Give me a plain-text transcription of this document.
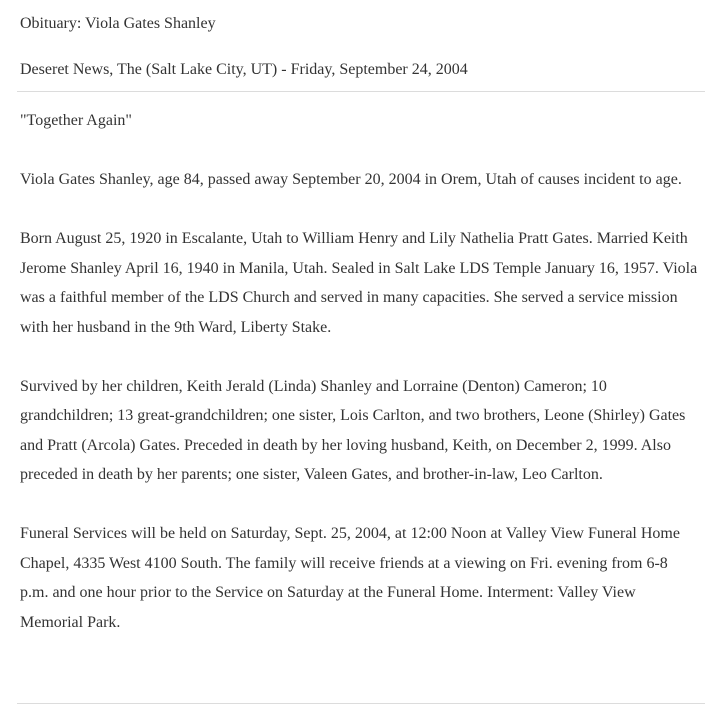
Obituary: Viola Gates Shanley
Deseret News, The (Salt Lake City, UT) - Friday, September 24, 2004

"Together Again"

Viola Gates Shanley, age 84, passed away September 20, 2004 in Orem, Utah of causes incident to age.

Born August 25, 1920 in Escalante, Utah to William Henry and Lily Nathelia Pratt Gates. Married Keith Jerome Shanley April 16, 1940 in Manila, Utah. Sealed in Salt Lake LDS Temple January 16, 1957. Viola was a faithful member of the LDS Church and served in many capacities. She served a service mission with her husband in the 9th Ward, Liberty Stake.

Survived by her children, Keith Jerald (Linda) Shanley and Lorraine (Denton) Cameron; 10 grandchildren; 13 great-grandchildren; one sister, Lois Carlton, and two brothers, Leone (Shirley) Gates and Pratt (Arcola) Gates. Preceded in death by her loving husband, Keith, on December 2, 1999. Also preceded in death by her parents; one sister, Valeen Gates, and brother-in-law, Leo Carlton.

Funeral Services will be held on Saturday, Sept. 25, 2004, at 12:00 Noon at Valley View Funeral Home Chapel, 4335 West 4100 South. The family will receive friends at a viewing on Fri. evening from 6-8 p.m. and one hour prior to the Service on Saturday at the Funeral Home. Interment: Valley View Memorial Park.
